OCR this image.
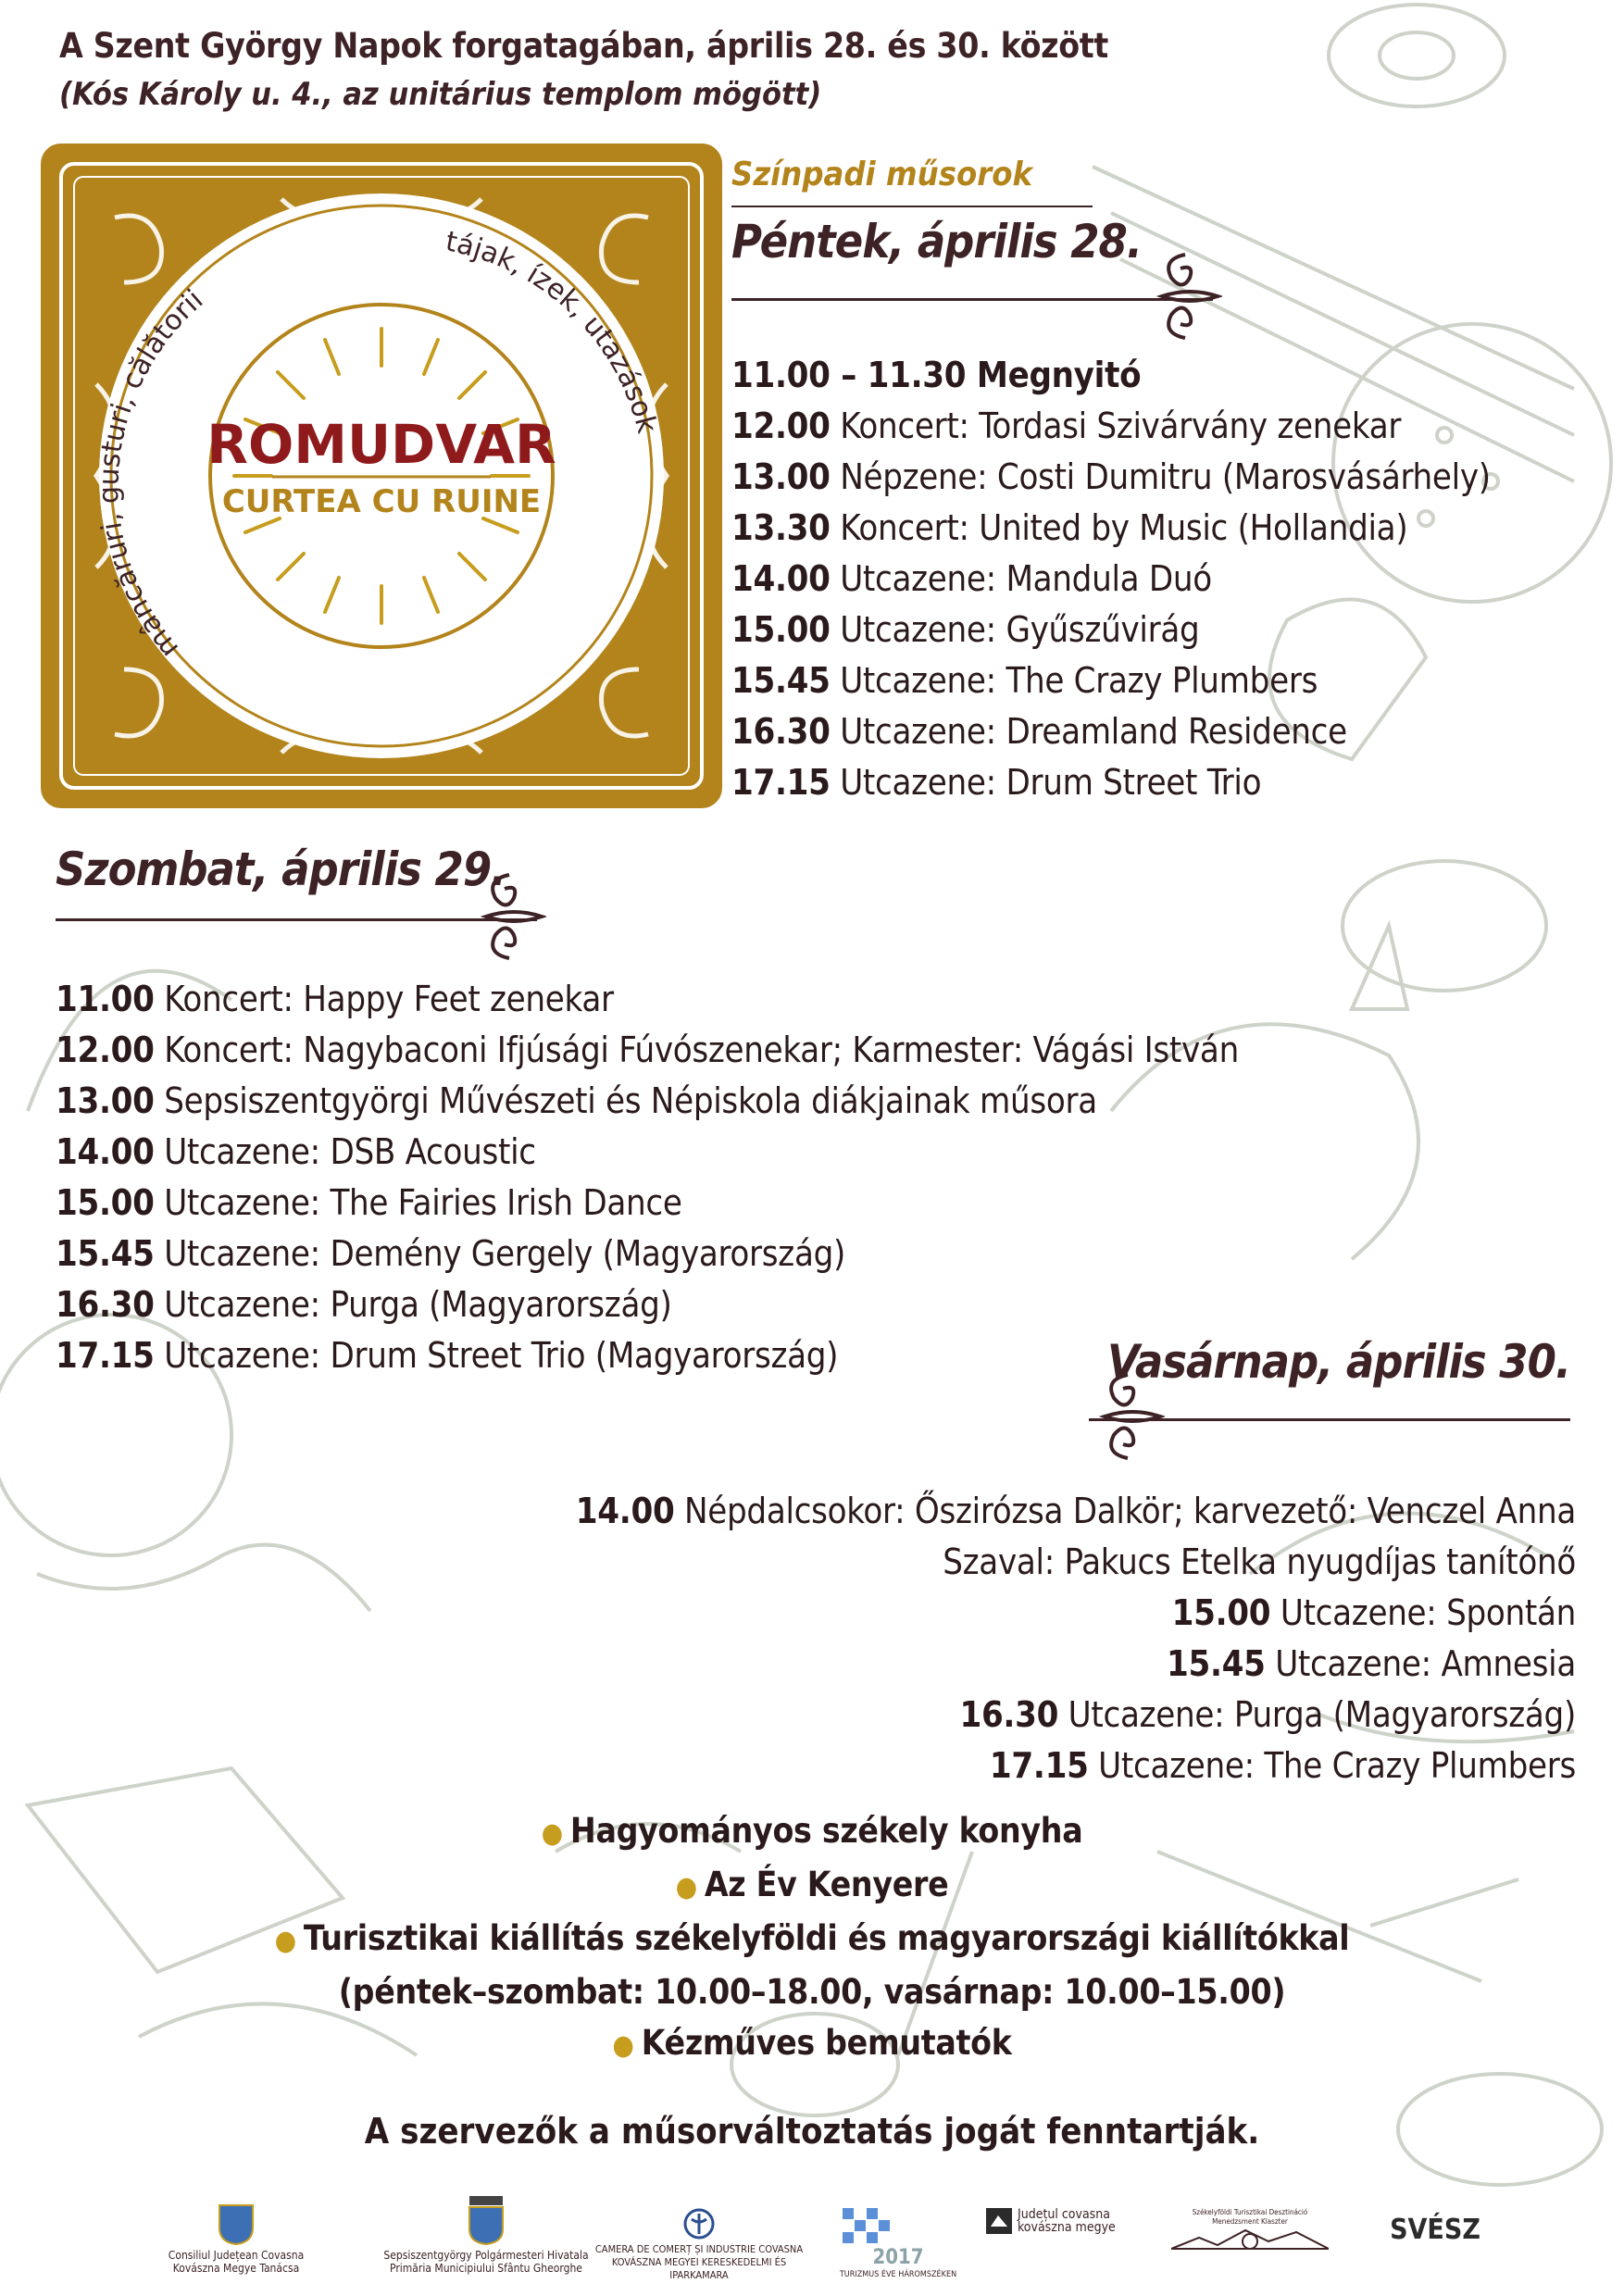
A Szent György Napok forgatagában, április 28. és 30. között
(Kós Károly u. 4., az unitárius templom mögött)
ROMUDVAR
CURTEA CU RUINE
mâncăruri, gusturi, călătorii
tájak, ízek, utazások
Színpadi műsorok
Péntek, április 28.
11.00 – 11.30 Megnyitó
12.00 Koncert: Tordasi Szivárvány zenekar
13.00 Népzene: Costi Dumitru (Marosvásárhely)
13.30 Koncert: United by Music (Hollandia)
14.00 Utcazene: Mandula Duó
15.00 Utcazene: Gyűszűvirág
15.45 Utcazene: The Crazy Plumbers
16.30 Utcazene: Dreamland Residence
17.15 Utcazene: Drum Street Trio
Szombat, április 29.
11.00 Koncert: Happy Feet zenekar
12.00 Koncert: Nagybaconi Ifjúsági Fúvószenekar; Karmester: Vágási István
13.00 Sepsiszentgyörgi Művészeti és Népiskola diákjainak műsora
14.00 Utcazene: DSB Acoustic
15.00 Utcazene: The Fairies Irish Dance
15.45 Utcazene: Demény Gergely (Magyarország)
16.30 Utcazene: Purga (Magyarország)
17.15 Utcazene: Drum Street Trio (Magyarország)	Vasárnap, április 30.
14.00 Népdalcsokor: Őszirózsa Dalkör; karvezető: Venczel Anna
Szaval: Pakucs Etelka nyugdíjas tanítónő
15.00 Utcazene: Spontán
15.45 Utcazene: Amnesia
16.30 Utcazene: Purga (Magyarország)
17.15 Utcazene: The Crazy Plumbers
● Hagyományos székely konyha
● Az Év Kenyere
● Turisztikai kiállítás székelyföldi és magyarországi kiállítókkal
(péntek–szombat: 10.00–18.00, vasárnap: 10.00–15.00)
● Kézműves bemutatók
A szervezők a műsorváltoztatás jogát fenntartják.
Consiliul Județean Covasna
Kovászna Megye Tanácsa
Sepsiszentgyörgy Polgármesteri Hivatala
Primăria Municipiului Sfântu Gheorghe
CAMERA DE COMERȚ ȘI INDUSTRIE COVASNA
KOVÁSZNA MEGYEI KERESKEDELMI ÉS IPARKAMARA
2017
TURIZMUS ÉVE HÁROMSZÉKEN
Județul covasna
kovászna megye
Székelyföldi Turisztikai Desztináció
Menedzsment Klaszter	SVÉSZ
